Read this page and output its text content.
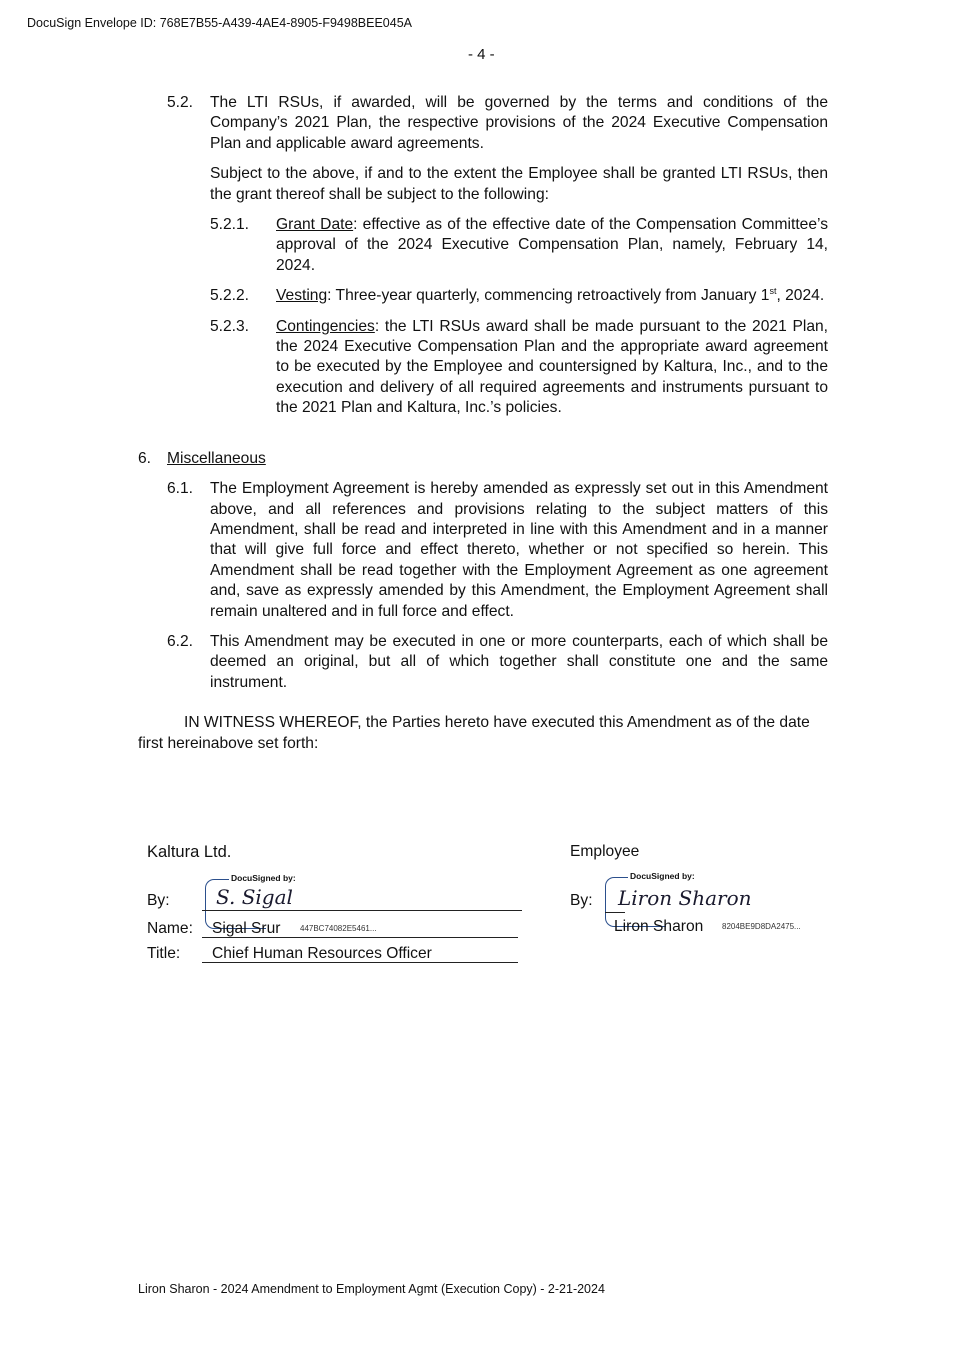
DocuSign Envelope ID: 768E7B55-A439-4AE4-8905-F9498BEE045A
- 4 -
5.2.	The LTI RSUs, if awarded, will be governed by the terms and conditions of the Company’s 2021 Plan, the respective provisions of the 2024 Executive Compensation Plan and applicable award agreements.
Subject to the above, if and to the extent the Employee shall be granted LTI RSUs, then the grant thereof shall be subject to the following:
5.2.1.	Grant Date: effective as of the effective date of the Compensation Committee’s approval of the 2024 Executive Compensation Plan, namely, February 14, 2024.
5.2.2.	Vesting: Three-year quarterly, commencing retroactively from January 1st, 2024.
5.2.3.	Contingencies: the LTI RSUs award shall be made pursuant to the 2021 Plan, the 2024 Executive Compensation Plan and the appropriate award agreement to be executed by the Employee and countersigned by Kaltura, Inc., and to the execution and delivery of all required agreements and instruments pursuant to the 2021 Plan and Kaltura, Inc.’s policies.
6.	Miscellaneous
6.1.	The Employment Agreement is hereby amended as expressly set out in this Amendment above, and all references and provisions relating to the subject matters of this Amendment, shall be read and interpreted in line with this Amendment and in a manner that will give full force and effect thereto, whether or not specified so herein. This Amendment shall be read together with the Employment Agreement as one agreement and, save as expressly amended by this Amendment, the Employment Agreement shall remain unaltered and in full force and effect.
6.2.	This Amendment may be executed in one or more counterparts, each of which shall be deemed an original, but all of which together shall constitute one and the same instrument.
IN WITNESS WHEREOF, the Parties hereto have executed this Amendment as of the date first hereinabove set forth:
Kaltura Ltd.
DocuSigned by:
S. Sigal
By:
Name: Sigal Srur 447BC74082E5461...
Title: Chief Human Resources Officer
Employee
DocuSigned by:
By: Liron Sharon
Liron Sharon 8204BE9D8DA2475...
Liron Sharon - 2024 Amendment to Employment Agmt (Execution Copy) - 2-21-2024
